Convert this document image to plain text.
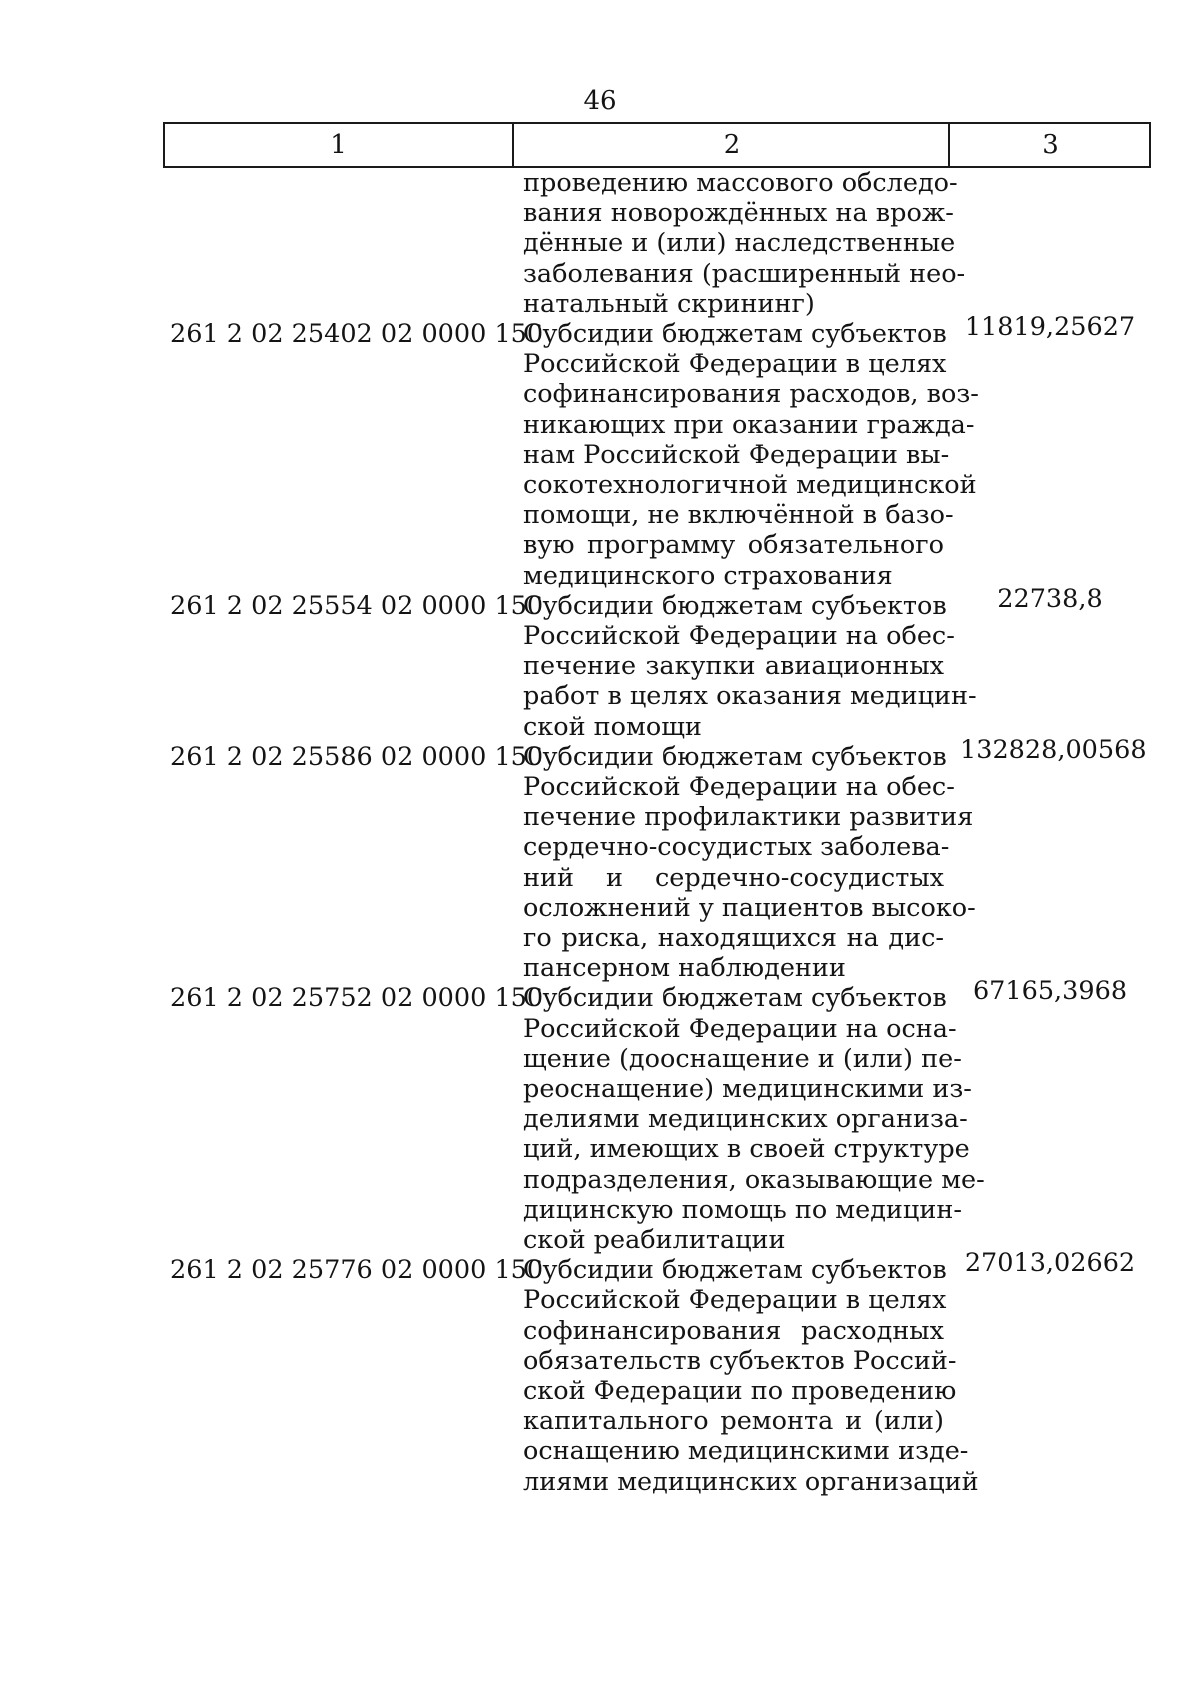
46
1	2	3
проведению массового обследо-
вания новорождённых на врож-
дённые и (или) наследственные
заболевания (расширенный нео-
натальный скрининг)
261 2 02 25402 02 0000 150
Субсидии бюджетам субъектов
Российской Федерации в целях
софинансирования расходов, воз-
никающих при оказании гражда-
нам Российской Федерации вы-
сокотехнологичной медицинской
помощи, не включённой в базо-
вую программу обязательного
медицинского страхования
11819,25627
261 2 02 25554 02 0000 150
Субсидии бюджетам субъектов
Российской Федерации на обес-
печение закупки авиационных
работ в целях оказания медицин-
ской помощи
22738,8
261 2 02 25586 02 0000 150
Субсидии бюджетам субъектов
Российской Федерации на обес-
печение профилактики развития
сердечно-сосудистых заболева-
ний и сердечно-сосудистых
осложнений у пациентов высоко-
го риска, находящихся на дис-
пансерном наблюдении
132828,00568
261 2 02 25752 02 0000 150
Субсидии бюджетам субъектов
Российской Федерации на осна-
щение (дооснащение и (или) пе-
реоснащение) медицинскими из-
делиями медицинских организа-
ций, имеющих в своей структуре
подразделения, оказывающие ме-
дицинскую помощь по медицин-
ской реабилитации
67165,3968
261 2 02 25776 02 0000 150
Субсидии бюджетам субъектов
Российской Федерации в целях
софинансирования расходных
обязательств субъектов Россий-
ской Федерации по проведению
капитального ремонта и (или)
оснащению медицинскими изде-
лиями медицинских организаций
27013,02662
